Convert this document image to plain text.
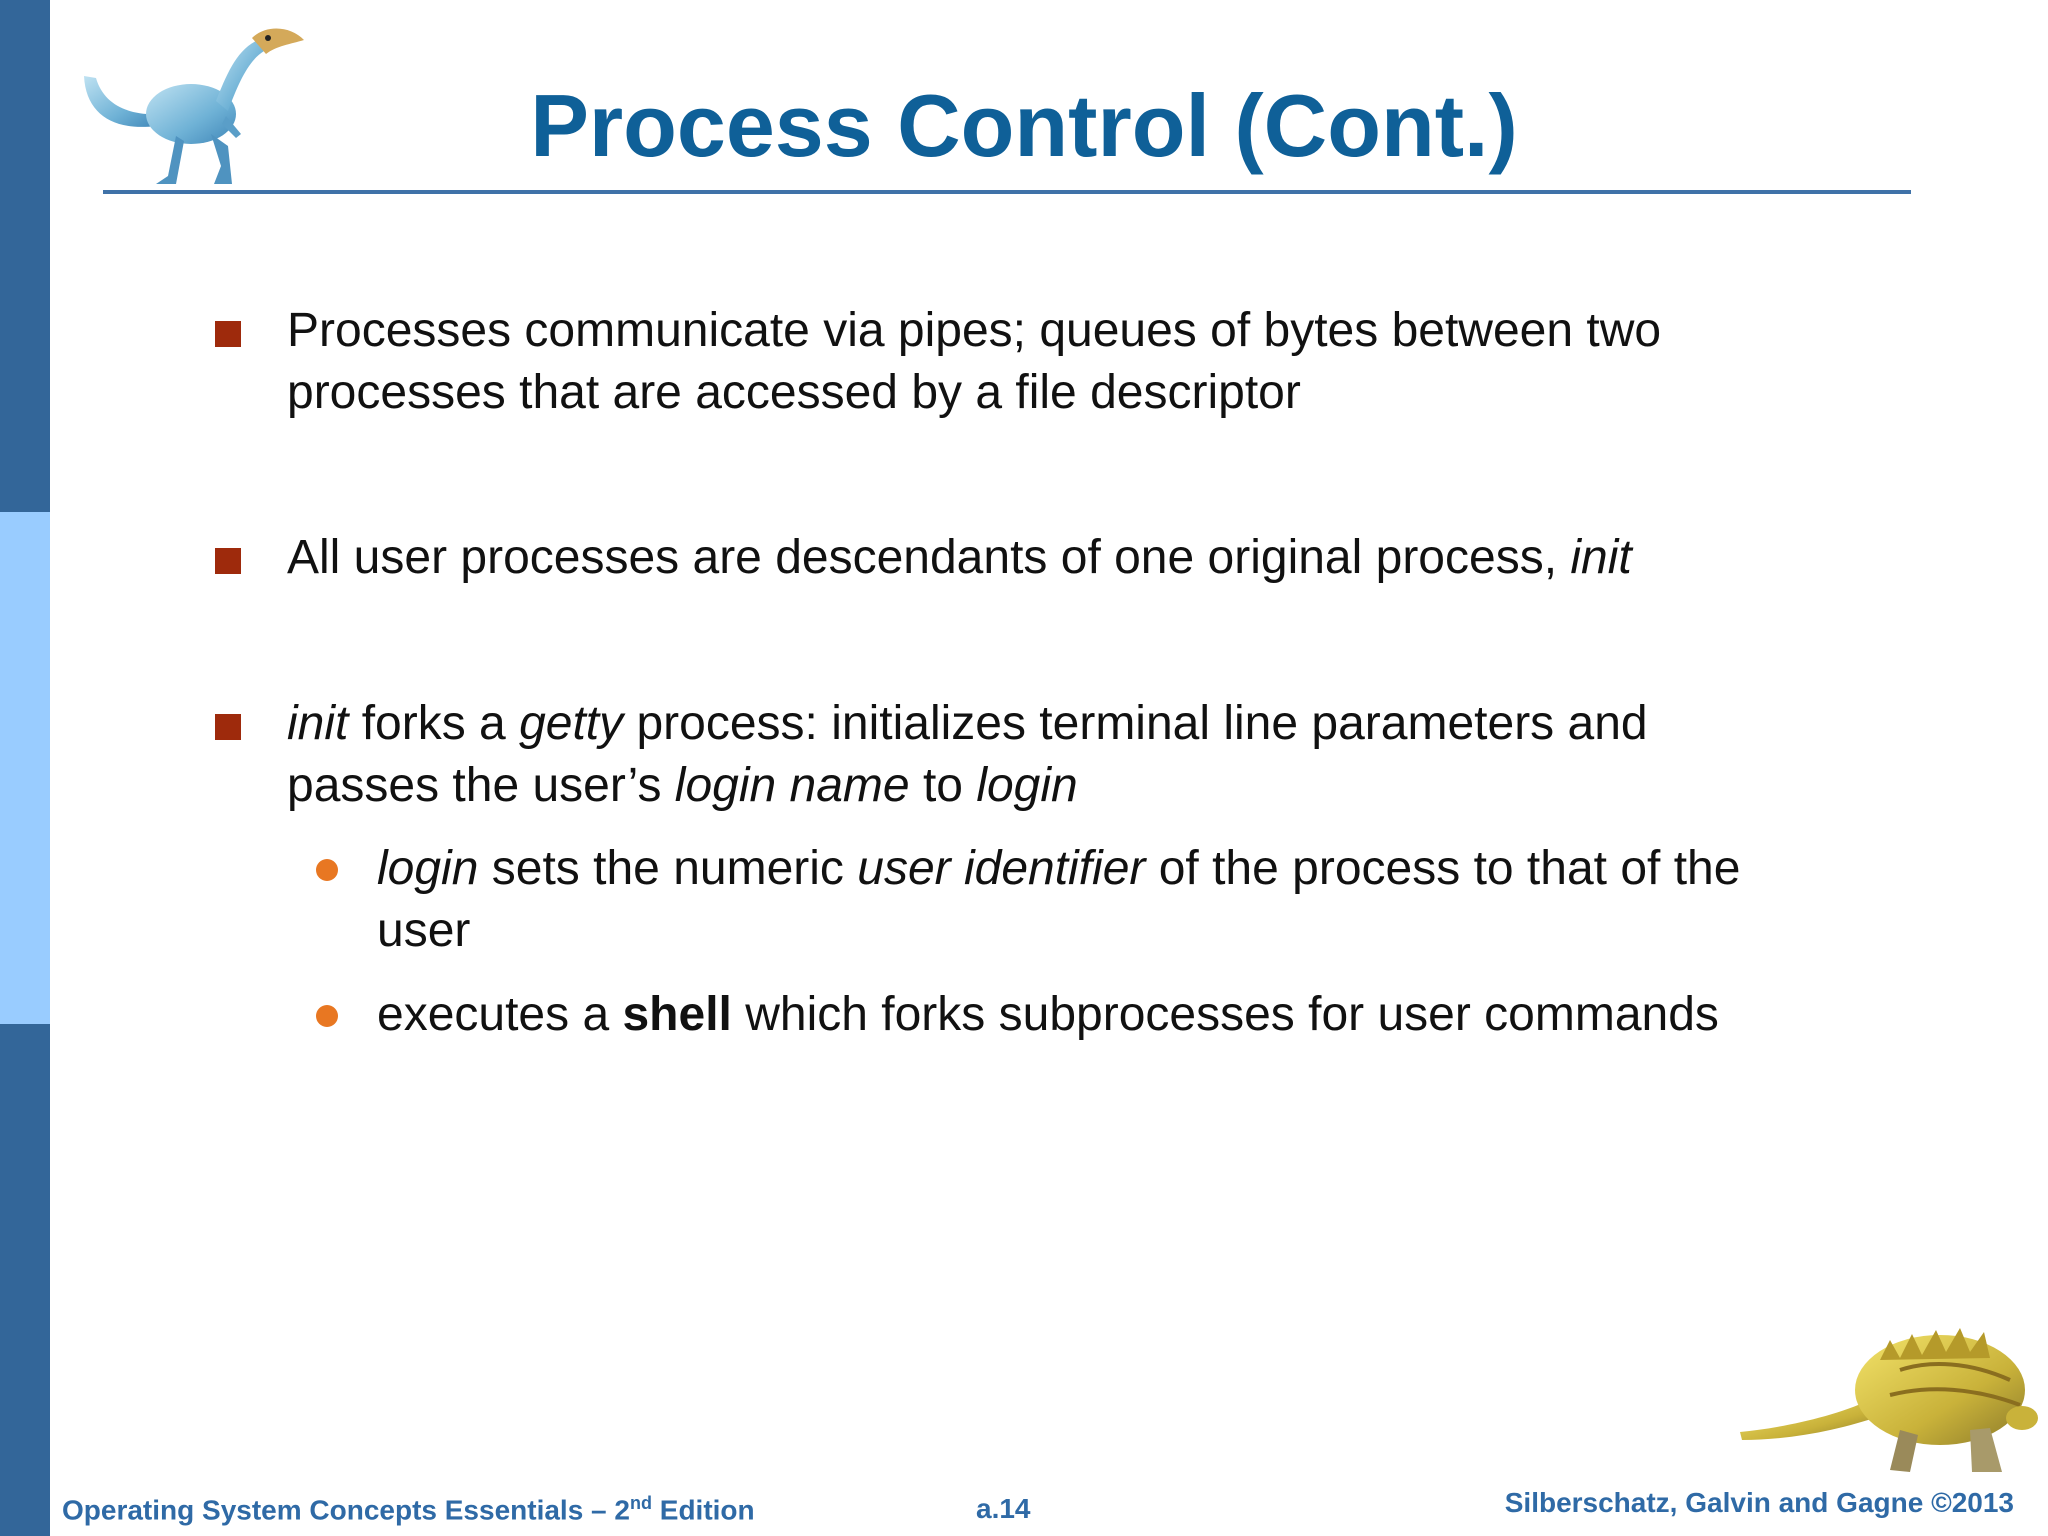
Process Control (Cont.)
Processes communicate via pipes; queues of bytes between two processes that are accessed by a file descriptor
All user processes are descendants of one original process, init
init forks a getty process: initializes terminal line parameters and passes the user’s login name to login
login sets the numeric user identifier of the process to that of the user
executes a shell which forks subprocesses for user commands
Operating System Concepts Essentials – 2nd Edition	a.14	Silberschatz, Galvin and Gagne ©2013
